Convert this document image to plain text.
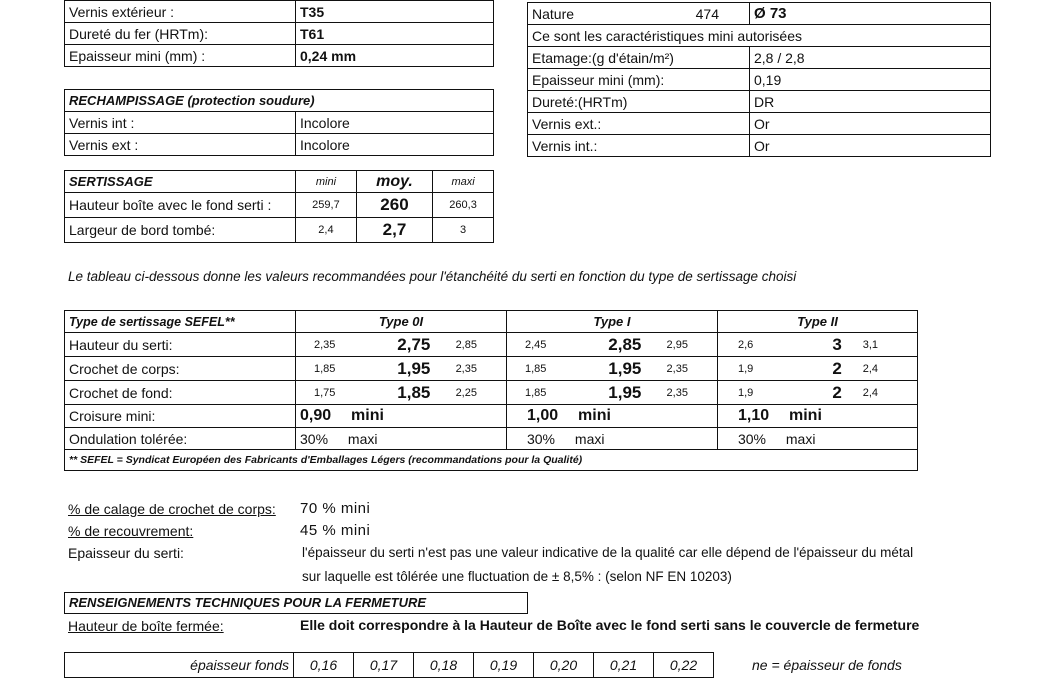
Vernis extérieur :	T35
Dureté du fer (HRTm):	T61
Epaisseur mini (mm) :	0,24 mm
Nature 474	Ø 73
Ce sont les caractéristiques mini autorisées	
Etamage:(g d'étain/m²)	2,8 / 2,8
Epaisseur mini (mm):	0,19
Dureté:(HRTm)	DR
Vernis ext.:	Or
Vernis int.:	Or
RECHAMPISSAGE (protection soudure)	
Vernis int :	Incolore
Vernis ext :	Incolore
SERTISSAGE	mini	moy.	maxi
Hauteur boîte avec le fond serti :	259,7	260	260,3
Largeur de bord tombé:	2,4	2,7	3
Le tableau ci-dessous donne les valeurs recommandées pour l'étanchéité du serti en fonction du type de sertissage choisi
Type de sertissage SEFEL**	Type 0I			Type I			Type II		
Hauteur du serti:	2,35	2,75	2,85	2,45	2,85	2,95	2,6	3	3,1
Crochet de corps:	1,85	1,95	2,35	1,85	1,95	2,35	1,9	2	2,4
Crochet de fond:	1,75	1,85	2,25	1,85	1,95	2,35	1,9	2	2,4
Croisure mini:	0,90 mini			1,00 mini			1,10 mini		
Ondulation tolérée:	30% maxi			30% maxi			30% maxi		
** SEFEL = Syndicat Européen des Fabricants d'Emballages Légers (recommandations pour la Qualité)									
% de calage de crochet de corps: 70 % mini
% de recouvrement:	45 % mini
Epaisseur du serti:	l'épaisseur du serti n'est pas une valeur indicative de la qualité car elle dépend de l'épaisseur du métal
sur laquelle est tôlérée une fluctuation de ± 8,5% : (selon NF EN 10203)
RENSEIGNEMENTS TECHNIQUES POUR LA FERMETURE
Hauteur de boîte fermée:	Elle doit correspondre à la Hauteur de Boîte avec le fond serti sans le couvercle de fermeture
épaisseur fonds	0,16	0,17	0,18	0,19	0,20	0,21	0,22	ne = épaisseur de fonds
